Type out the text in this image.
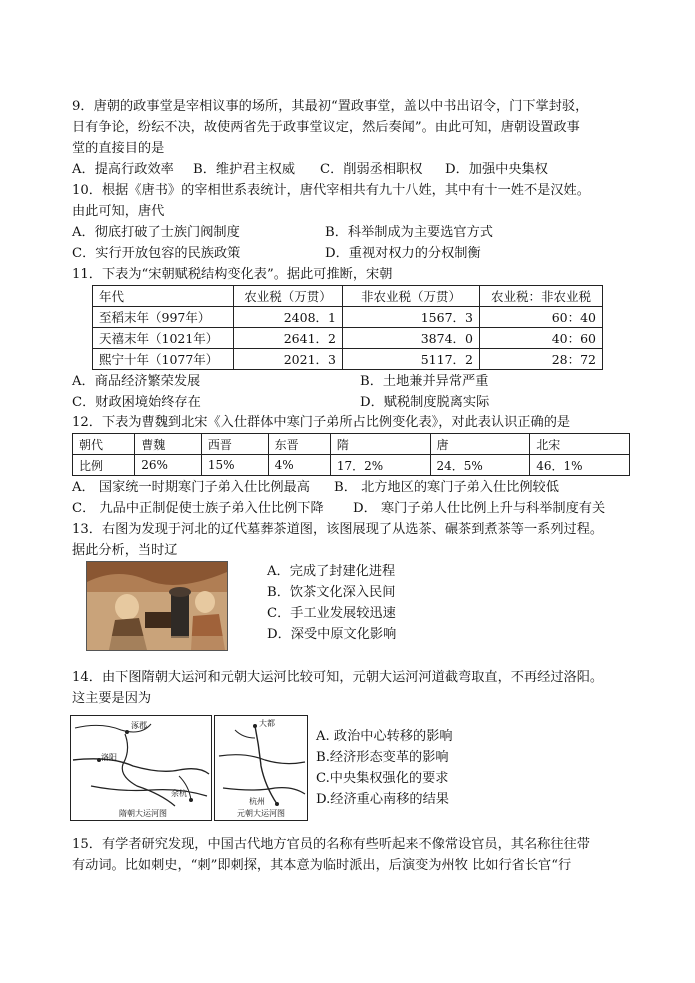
9．唐朝的政事堂是宰相议事的场所，其最初“置政事堂，盖以中书出诏令，门下掌封驳，
日有争论，纷纭不决，故使两省先于政事堂议定，然后奏闻”。由此可知，唐朝设置政事
堂的直接目的是
A．提高行政效率 B．维护君主权威 C．削弱丞相职权 D．加强中央集权
10．根据《唐书》的宰相世系表统计，唐代宰相共有九十八姓，其中有十一姓不是汉姓。
由此可知，唐代
A．彻底打破了士族门阀制度	B．科举制成为主要选官方式
C．实行开放包容的民族政策	D．重视对权力的分权制衡
11．下表为“宋朝赋税结构变化表”。据此可推断，宋朝
年代	农业税（万贯）	非农业税（万贯）	农业税：非农业税
至稻末年（997年）	2408．1	1567．3	60：40
天禧末年（1021年）	2641．2	3874．0	40：60
熙宁十年（1077年）	2021．3	5117．2	28：72
A．商品经济繁荣发展	B．土地兼并异常严重
C．财政困境始终存在	D．赋税制度脱离实际
12．下表为曹魏到北宋《入仕群体中寒门子弟所占比例变化表》，对此表认识正确的是
朝代	曹魏	西晋	东晋	隋	唐	北宋
比例	26%	15%	4%	17．2%	24．5%	46．1%
A． 国家统一时期寒门子弟入仕比例最高 B． 北方地区的寒门子弟入仕比例较低
C． 九品中正制促使士族子弟入仕比例下降 D． 寒门子弟人仕比例上升与科举制度有关
13．右图为发现于河北的辽代墓葬茶道图，该图展现了从选茶、碾茶到煮茶等一系列过程。
据此分析，当时辽
A．完成了封建化进程
B．饮茶文化深入民间
C．手工业发展较迅速
D．深受中原文化影响
14．由下图隋朝大运河和元朝大运河比较可知，元朝大运河河道截弯取直，不再经过洛阳。
这主要是因为
涿郡
洛阳
余杭
隋朝大运河图
大都
杭州
元朝大运河图
A. 政治中心转移的影响
B.经济形态变革的影响
C.中央集权强化的要求
D.经济重心南移的结果
15．有学者研究发现，中国古代地方官员的名称有些听起来不像常设官员，其名称往往带
有动词。比如刺史，“刺”即刺探，其本意为临时派出，后演变为州牧 比如行省长官“行
